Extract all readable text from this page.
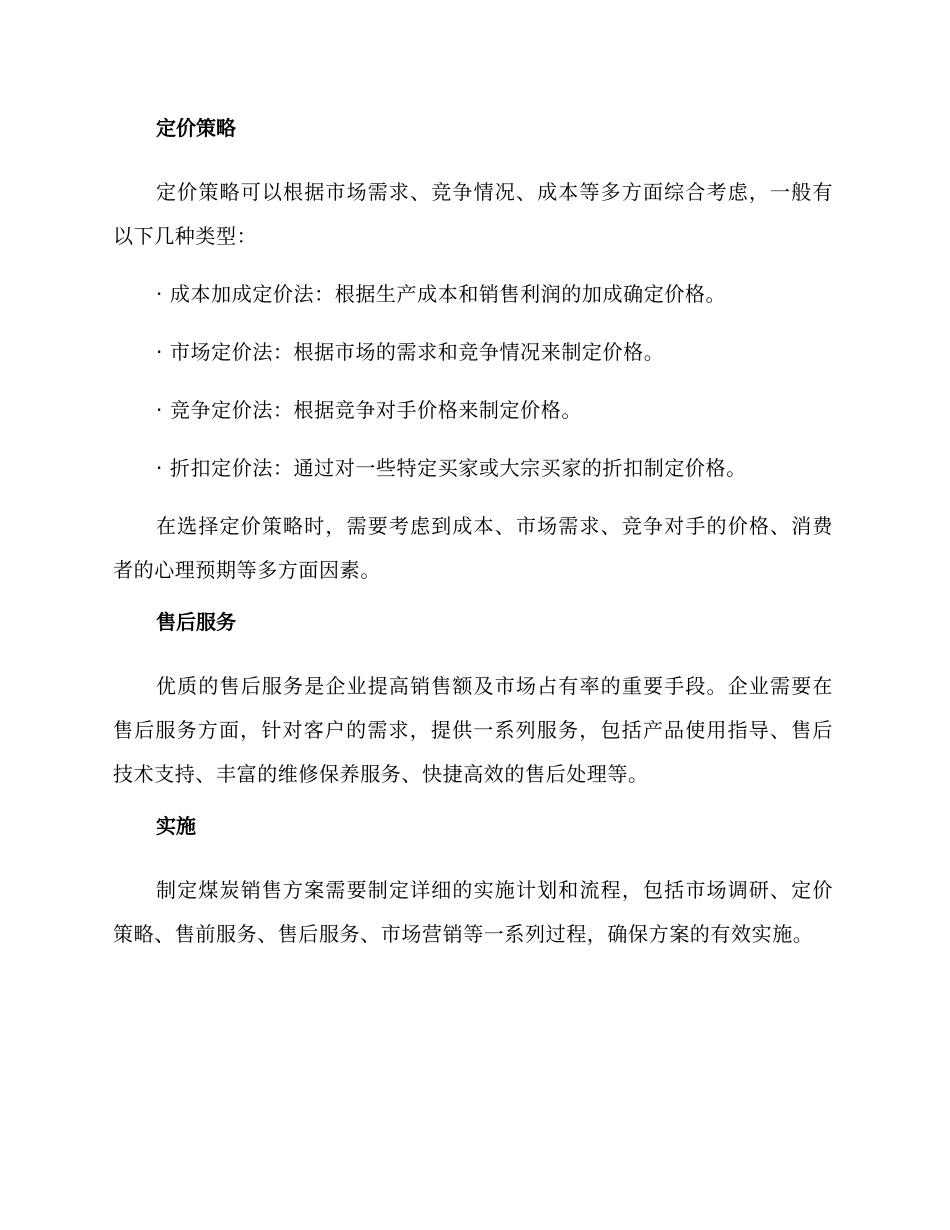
定价策略
定价策略可以根据市场需求、竞争情况、成本等多方面综合考虑，一般有以下几种类型：
· 成本加成定价法：根据生产成本和销售利润的加成确定价格。
· 市场定价法：根据市场的需求和竞争情况来制定价格。
· 竞争定价法：根据竞争对手价格来制定价格。
· 折扣定价法：通过对一些特定买家或大宗买家的折扣制定价格。
在选择定价策略时，需要考虑到成本、市场需求、竞争对手的价格、消费者的心理预期等多方面因素。
售后服务
优质的售后服务是企业提高销售额及市场占有率的重要手段。企业需要在售后服务方面，针对客户的需求，提供一系列服务，包括产品使用指导、售后技术支持、丰富的维修保养服务、快捷高效的售后处理等。
实施
制定煤炭销售方案需要制定详细的实施计划和流程，包括市场调研、定价策略、售前服务、售后服务、市场营销等一系列过程，确保方案的有效实施。
